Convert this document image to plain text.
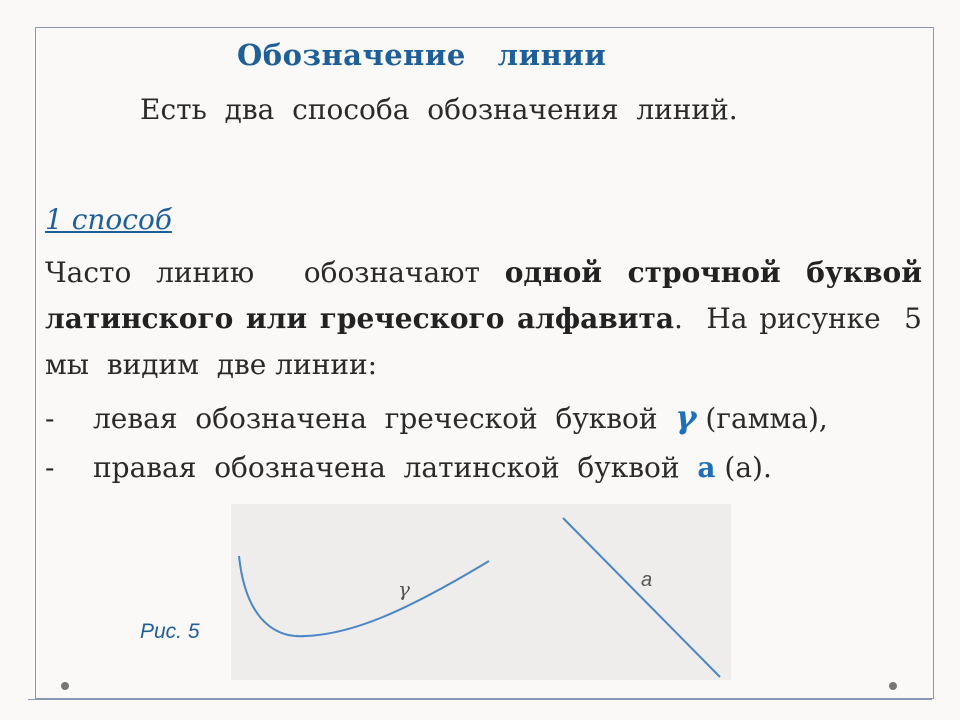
Обозначение линии
Есть  два  способа  обозначения  линий.
1 способ
Часто линию  обозначают одной строчной буквой латинского или греческого алфавита.  На рисунке  5  мы  видим  две линии:
- левая  обозначена  греческой  буквой  γ (гамма),
- правая  обозначена  латинской  буквой  a (а).
γ	a
Рис. 5
